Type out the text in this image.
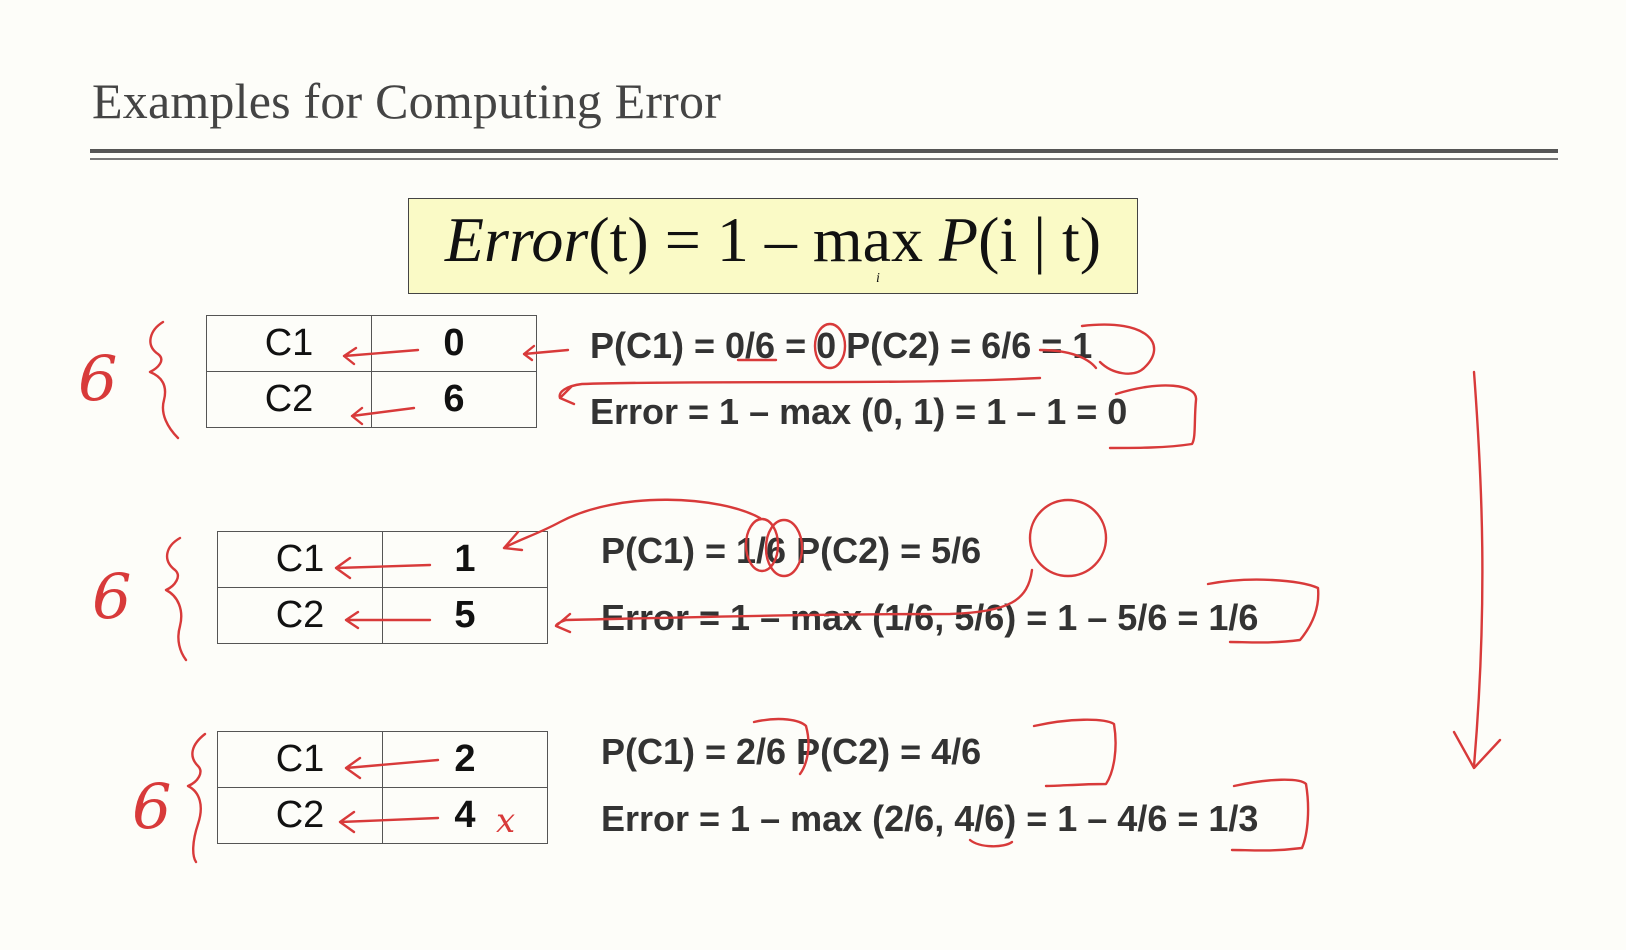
Examples for Computing Error
Error(t) = 1 – max P(i | t)
i
C1	0
C2	6
P(C1) = 0/6 = 0 P(C2) = 6/6 = 1
Error = 1 – max (0, 1) = 1 – 1 = 0
C1	1
C2	5
P(C1) = 1/6 P(C2) = 5/6
Error = 1 – max (1/6, 5/6) = 1 – 5/6 = 1/6
C1	2
C2	4
P(C1) = 2/6 P(C2) = 4/6
Error = 1 – max (2/6, 4/6) = 1 – 4/6 = 1/3
6
6
6	x
